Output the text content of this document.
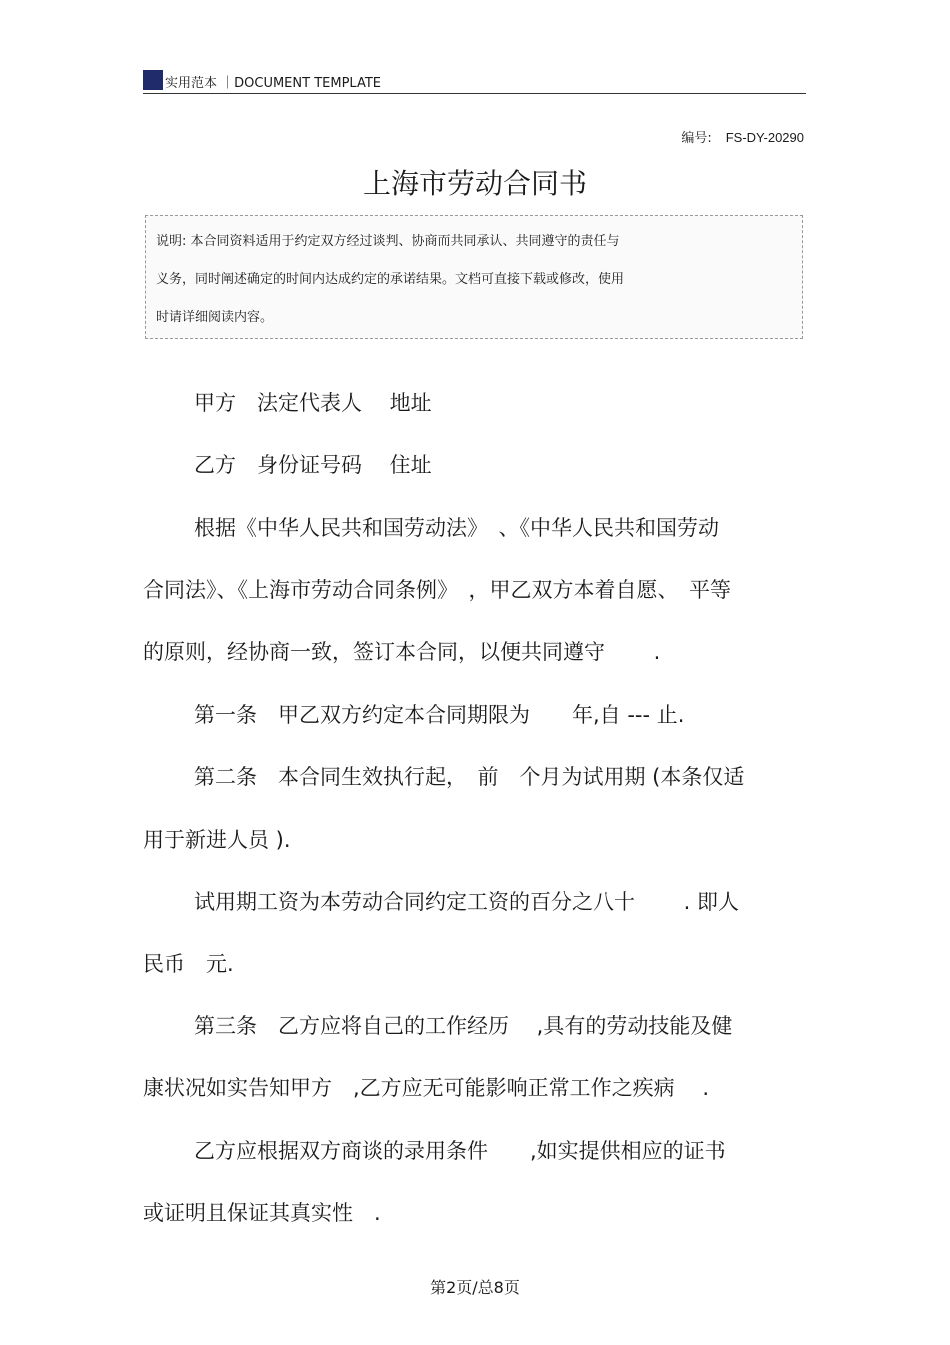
实用范本 ｜DOCUMENT TEMPLATE
编号: FS-DY-20290
上海市劳动合同书
说明: 本合同资料适用于约定双方经过谈判、协商而共同承认、共同遵守的责任与
义务，同时阐述确定的时间内达成约定的承诺结果。文档可直接下载或修改，使用
时请详细阅读内容。
甲方　法定代表人　 地址
乙方　身份证号码　 住址
根据《中华人民共和国劳动法》　、《中华人民共和国劳动
合同法》、《上海市劳动合同条例》　，甲乙双方本着自愿、　平等
的原则，经协商一致，签订本合同，以便共同遵守　　 .
第一条　甲乙双方约定本合同期限为　　年,自 --- 止.
第二条　本合同生效执行起，　前　个月为试用期 (本条仅适
用于新进人员 ).
试用期工资为本劳动合同约定工资的百分之八十　　 . 即人
民币　元.
第三条　乙方应将自己的工作经历　 ,具有的劳动技能及健
康状况如实告知甲方　,乙方应无可能影响正常工作之疾病　 .
乙方应根据双方商谈的录用条件　　,如实提供相应的证书
或证明且保证其真实性　.
第2页/总8页
